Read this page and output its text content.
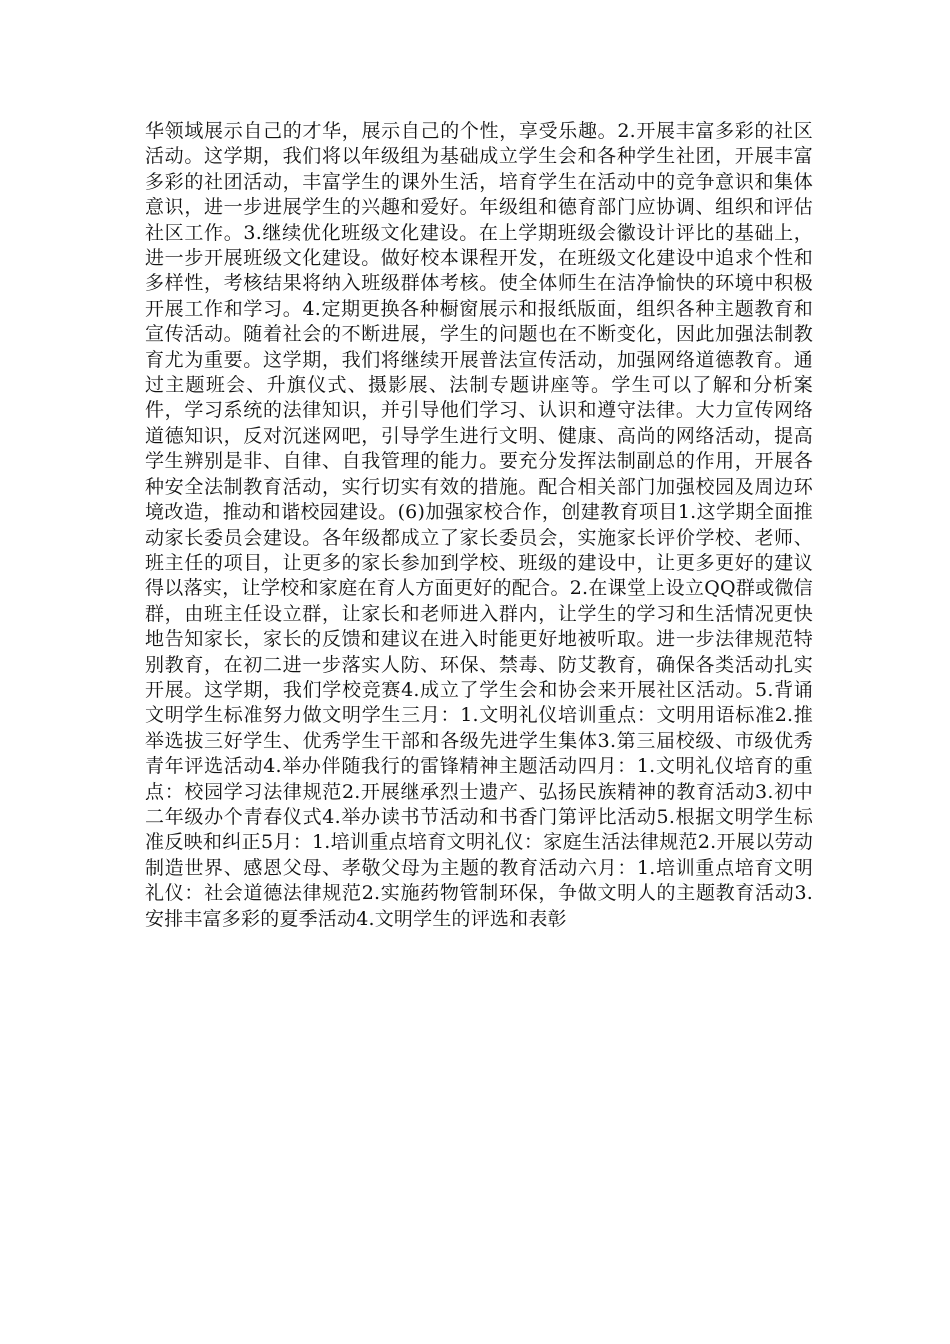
华领域展示自己的才华，展示自己的个性，享受乐趣。2.开展丰富多彩的社区活动。这学期，我们将以年级组为基础成立学生会和各种学生社团，开展丰富多彩的社团活动，丰富学生的课外生活，培育学生在活动中的竞争意识和集体意识，进一步进展学生的兴趣和爱好。年级组和德育部门应协调、组织和评估社区工作。3.继续优化班级文化建设。在上学期班级会徽设计评比的基础上，进一步开展班级文化建设。做好校本课程开发，在班级文化建设中追求个性和多样性，考核结果将纳入班级群体考核。使全体师生在洁净愉快的环境中积极开展工作和学习。4.定期更换各种橱窗展示和报纸版面，组织各种主题教育和宣传活动。随着社会的不断进展，学生的问题也在不断变化，因此加强法制教育尤为重要。这学期，我们将继续开展普法宣传活动，加强网络道德教育。通过主题班会、升旗仪式、摄影展、法制专题讲座等。学生可以了解和分析案件，学习系统的法律知识，并引导他们学习、认识和遵守法律。大力宣传网络道德知识，反对沉迷网吧，引导学生进行文明、健康、高尚的网络活动，提高学生辨别是非、自律、自我管理的能力。要充分发挥法制副总的作用，开展各种安全法制教育活动，实行切实有效的措施。配合相关部门加强校园及周边环境改造，推动和谐校园建设。(6)加强家校合作，创建教育项目1.这学期全面推动家长委员会建设。各年级都成立了家长委员会，实施家长评价学校、老师、班主任的项目，让更多的家长参加到学校、班级的建设中，让更多更好的建议得以落实，让学校和家庭在育人方面更好的配合。2.在课堂上设立QQ群或微信群，由班主任设立群，让家长和老师进入群内，让学生的学习和生活情况更快地告知家长，家长的反馈和建议在进入时能更好地被听取。进一步法律规范特别教育，在初二进一步落实人防、环保、禁毒、防艾教育，确保各类活动扎实开展。这学期，我们学校竞赛4.成立了学生会和协会来开展社区活动。5.背诵文明学生标准努力做文明学生三月：1.文明礼仪培训重点：文明用语标准2.推举选拔三好学生、优秀学生干部和各级先进学生集体3.第三届校级、市级优秀青年评选活动4.举办伴随我行的雷锋精神主题活动四月：1.文明礼仪培育的重点：校园学习法律规范2.开展继承烈士遗产、弘扬民族精神的教育活动3.初中二年级办个青春仪式4.举办读书节活动和书香门第评比活动5.根据文明学生标准反映和纠正5月：1.培训重点培育文明礼仪：家庭生活法律规范2.开展以劳动制造世界、感恩父母、孝敬父母为主题的教育活动六月：1.培训重点培育文明礼仪：社会道德法律规范2.实施药物管制环保，争做文明人的主题教育活动3.安排丰富多彩的夏季活动4.文明学生的评选和表彰
